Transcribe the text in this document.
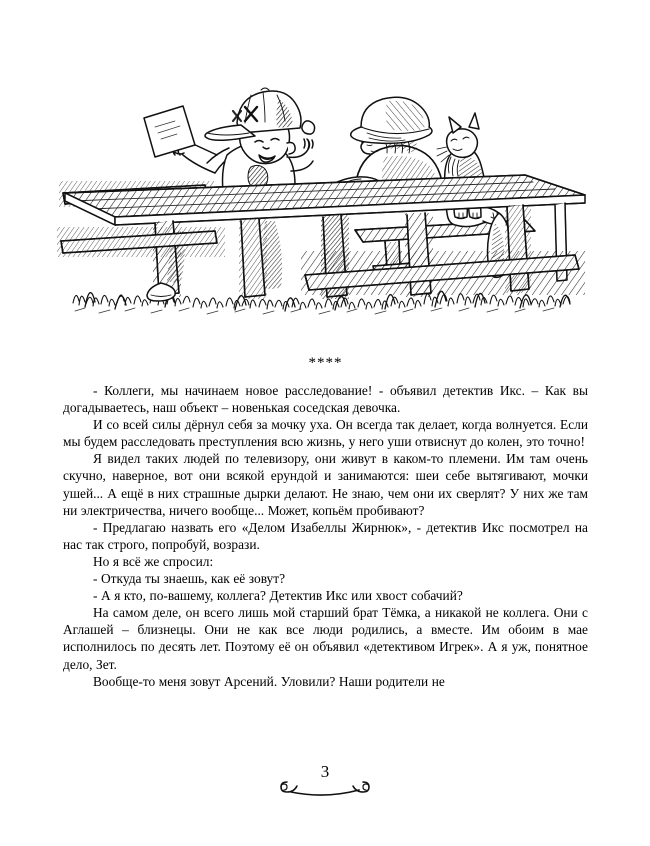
****

- Коллеги, мы начинаем новое расследование! - объявил детектив Икс. – Как вы догадываетесь, наш объект – новенькая соседская девочка.

И со всей силы дёрнул себя за мочку уха. Он всегда так делает, когда волнуется. Если мы будем расследовать преступления всю жизнь, у него уши отвиснут до колен, это точно!

Я видел таких людей по телевизору, они живут в каком-то племени. Им там очень скучно, наверное, вот они всякой ерундой и занимаются: шеи себе вытягивают, мочки ушей... А ещё в них страшные дырки делают. Не знаю, чем они их сверлят? У них же там ни электричества, ничего вообще... Может, копьём пробивают?

- Предлагаю назвать его «Делом Изабеллы Жирнюк», - детектив Икс посмотрел на нас так строго, попробуй, возрази.

Но я всё же спросил:

- Откуда ты знаешь, как её зовут?

- А я кто, по-вашему, коллега? Детектив Икс или хвост собачий?

На самом деле, он всего лишь мой старший брат Тёмка, а никакой не коллега. Они с Аглашей – близнецы. Они не как все люди родились, а вместе. Им обоим в мае исполнилось по десять лет. Поэтому её он объявил «детективом Игрек». А я уж, понятное дело, Зет.

Вообще-то меня зовут Арсений. Уловили? Наши родители не

3
